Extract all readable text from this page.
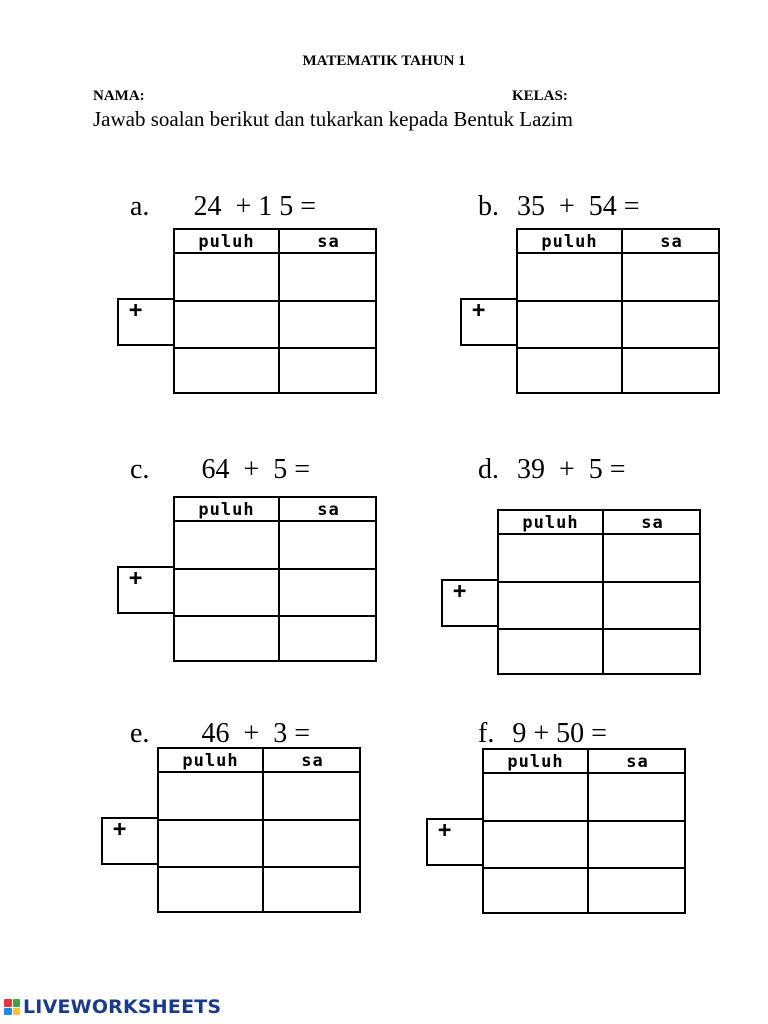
MATEMATIK TAHUN 1
NAMA:	KELAS:
Jawab soalan berikut dan tukarkan kepada Bentuk Lazim

a. 24  + 1 5 =	b. 35  +  54 =

c. 64  +  5 =	d. 39  +  5 =

e. 46  +  3 =	f. 9 + 50 =

puluh	sa
+
puluh	sa
+
puluh	sa
+
puluh	sa
+
puluh	sa
+
puluh	sa
+
LIVEWORKSHEETS
